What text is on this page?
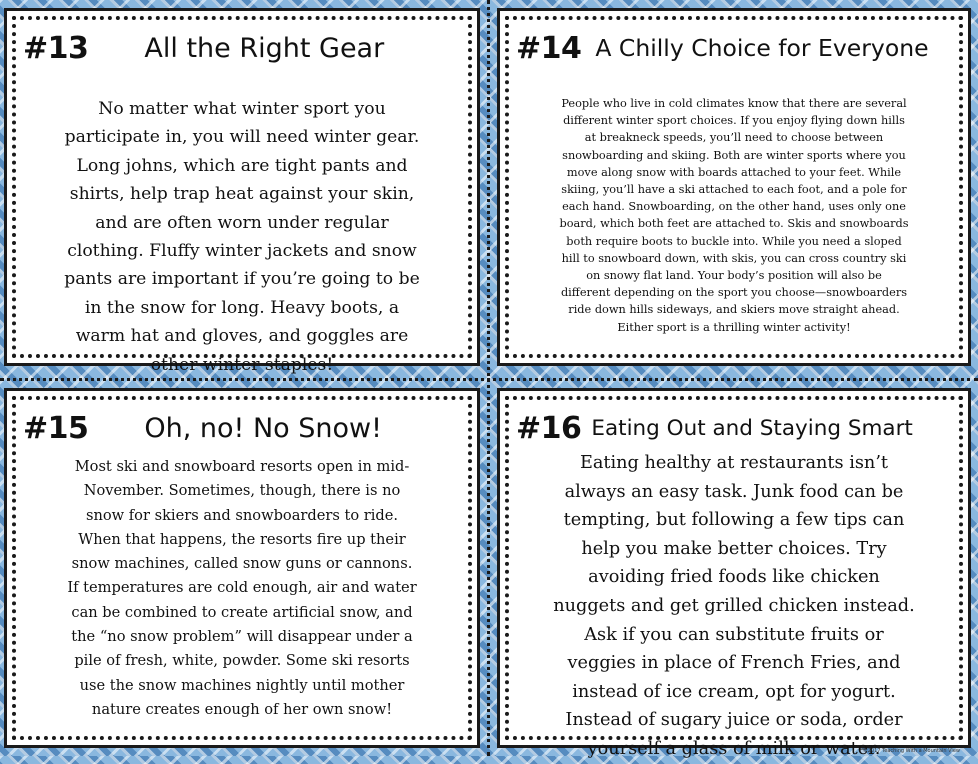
#13 All the Right Gear
No matter what winter sport you
participate in, you will need winter gear.
Long johns, which are tight pants and
shirts, help trap heat against your skin,
and are often worn under regular
clothing. Fluffy winter jackets and snow
pants are important if you’re going to be
in the snow for long. Heavy boots, a
warm hat and gloves, and goggles are
other winter staples!
#14 A Chilly Choice for Everyone
People who live in cold climates know that there are several
different winter sport choices. If you enjoy flying down hills
at breakneck speeds, you’ll need to choose between
snowboarding and skiing. Both are winter sports where you
move along snow with boards attached to your feet. While
skiing, you’ll have a ski attached to each foot, and a pole for
each hand. Snowboarding, on the other hand, uses only one
board, which both feet are attached to. Skis and snowboards
both require boots to buckle into. While you need a sloped
hill to snowboard down, with skis, you can cross country ski
on snowy flat land. Your body’s position will also be
different depending on the sport you choose—snowboarders
ride down hills sideways, and skiers move straight ahead.
Either sport is a thrilling winter activity!
#15 Oh, no! No Snow!
Most ski and snowboard resorts open in mid-
November. Sometimes, though, there is no
snow for skiers and snowboarders to ride.
When that happens, the resorts fire up their
snow machines, called snow guns or cannons.
If temperatures are cold enough, air and water
can be combined to create artificial snow, and
the “no snow problem” will disappear under a
pile of fresh, white, powder. Some ski resorts
use the snow machines nightly until mother
nature creates enough of her own snow!
#16 Eating Out and Staying Smart
Eating healthy at restaurants isn’t
always an easy task. Junk food can be
tempting, but following a few tips can
help you make better choices. Try
avoiding fried foods like chicken
nuggets and get grilled chicken instead.
Ask if you can substitute fruits or
veggies in place of French Fries, and
instead of ice cream, opt for yogurt.
Instead of sugary juice or soda, order
yourself a glass of milk or water.
©2017 Teaching With a Mountain View
